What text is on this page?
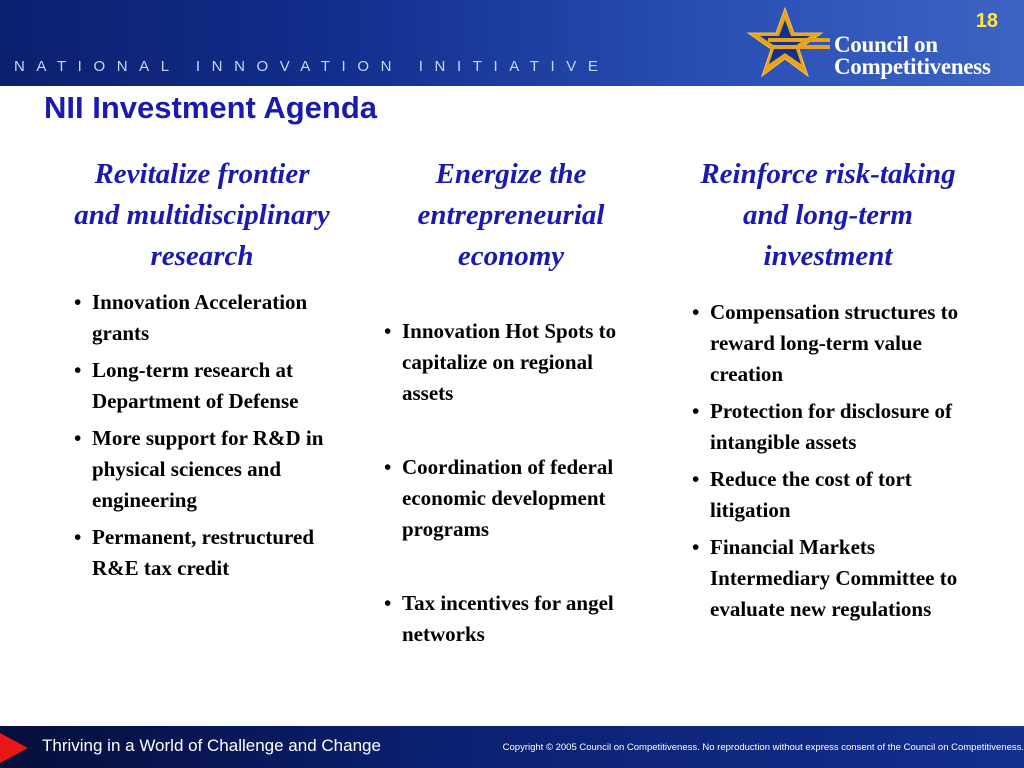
NATIONAL INNOVATION INITIATIVE
18
Council on
Competitiveness
NII Investment Agenda

Revitalize frontier and multidisciplinary research

• Innovation Acceleration grants
• Long-term research at Department of Defense
• More support for R&D in physical sciences and engineering
• Permanent, restructured R&E tax credit

Energize the entrepreneurial economy

• Innovation Hot Spots to capitalize on regional assets
• Coordination of federal economic development programs
• Tax incentives for angel networks

Reinforce risk-taking and long-term investment

• Compensation structures to reward long-term value creation
• Protection for disclosure of intangible assets
• Reduce the cost of tort litigation
• Financial Markets Intermediary Committee to evaluate new regulations
Thriving in a World of Challenge and Change	Copyright © 2005 Council on Competitiveness. No reproduction without express consent of the Council on Competitiveness.
